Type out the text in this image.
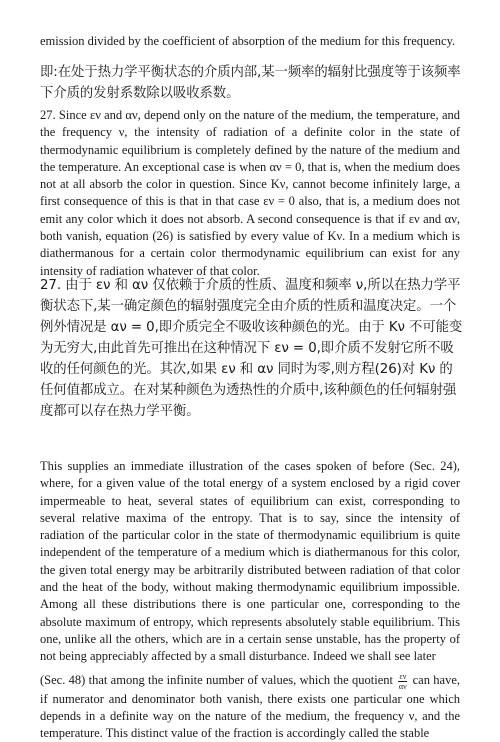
emission divided by the coefficient of absorption of the medium for this frequency.

即:在处于热力学平衡状态的介质内部,某一频率的辐射比强度等于该频率下介质的发射系数除以吸收系数。

27. Since εν and αν, depend only on the nature of the medium, the temperature, and the frequency ν, the intensity of radiation of a definite color in the state of thermodynamic equilibrium is completely defined by the nature of the medium and the temperature. An exceptional case is when αν = 0, that is, when the medium does not at all absorb the color in question. Since Kν, cannot become infinitely large, a first consequence of this is that in that case εν = 0 also, that is, a medium does not emit any color which it does not absorb. A second consequence is that if εν and αν, both vanish, equation (26) is satisfied by every value of Kν. In a medium which is diathermanous for a certain color thermodynamic equilibrium can exist for any intensity of radiation whatever of that color.

27. 由于 εν 和 αν 仅依赖于介质的性质、温度和频率 ν,所以在热力学平衡状态下,某一确定颜色的辐射强度完全由介质的性质和温度决定。一个例外情况是 αν = 0,即介质完全不吸收该种颜色的光。由于 Kν 不可能变为无穷大,由此首先可推出在这种情况下 εν = 0,即介质不发射它所不吸收的任何颜色的光。其次,如果 εν 和 αν 同时为零,则方程(26)对 Kν 的任何值都成立。在对某种颜色为透热性的介质中,该种颜色的任何辐射强度都可以存在热力学平衡。

This supplies an immediate illustration of the cases spoken of before (Sec. 24), where, for a given value of the total energy of a system enclosed by a rigid cover impermeable to heat, several states of equilibrium can exist, corresponding to several relative maxima of the entropy. That is to say, since the intensity of radiation of the particular color in the state of thermodynamic equilibrium is quite independent of the temperature of a medium which is diathermanous for this color, the given total energy may be arbitrarily distributed between radiation of that color and the heat of the body, without making thermodynamic equilibrium impossible. Among all these distributions there is one particular one, corresponding to the absolute maximum of entropy, which represents absolutely stable equilibrium. This one, unlike all the others, which are in a certain sense unstable, has the property of not being appreciably affected by a small disturbance. Indeed we shall see later

(Sec. 48) that among the infinite number of values, which the quotient $\frac{\varepsilon\nu}{\alpha\nu}$ can have, if numerator and denominator both vanish, there exists one particular one which depends in a definite way on the nature of the medium, the frequency ν, and the temperature. This distinct value of the fraction is accordingly called the stable
